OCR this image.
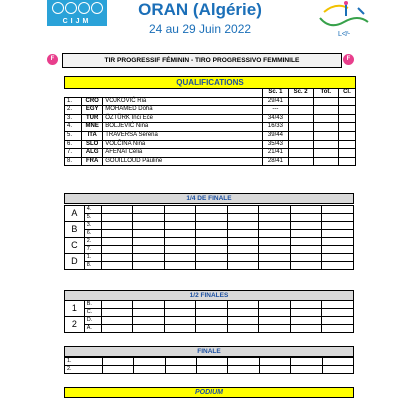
CIJM
ORAN (Algérie)
24 au 29 Juin 2022	ᒪᐊᒡ
F	TIR PROGRESSIF FÉMININ - TIRO PROGRESSIVO FEMMINILE	F
QUALIFICATIONS
			Sc. 1	Sc. 2	Tot.	Cl.
1.	CRO	VOJKOVIĆ Ria	29/41			
2.	EGY	MOHAMED Doha	---			
3.	TUR	ÖZTÜRK Inci Ece	34/43			
4.	MNE	BOLJEVIĆ Nina	16/33			
5.	ITA	TRAVERSA Serena	39/44			
6.	SLO	VOLČINA Nina	35/43			
7.	ALG	AFENAI Celia	21/41			
8.	FRA	GOUILLOUD Pauline	28/41			
1/4 DE FINALE
A	4.								
	5.								
B	3.								
	6.								
C	2.								
	7.								
D	1.								
	8.								
1/2 FINALES
1	B.								
	C.								
2	D.								
	A.								
FINALE
1.								
2.								
PODIUM
